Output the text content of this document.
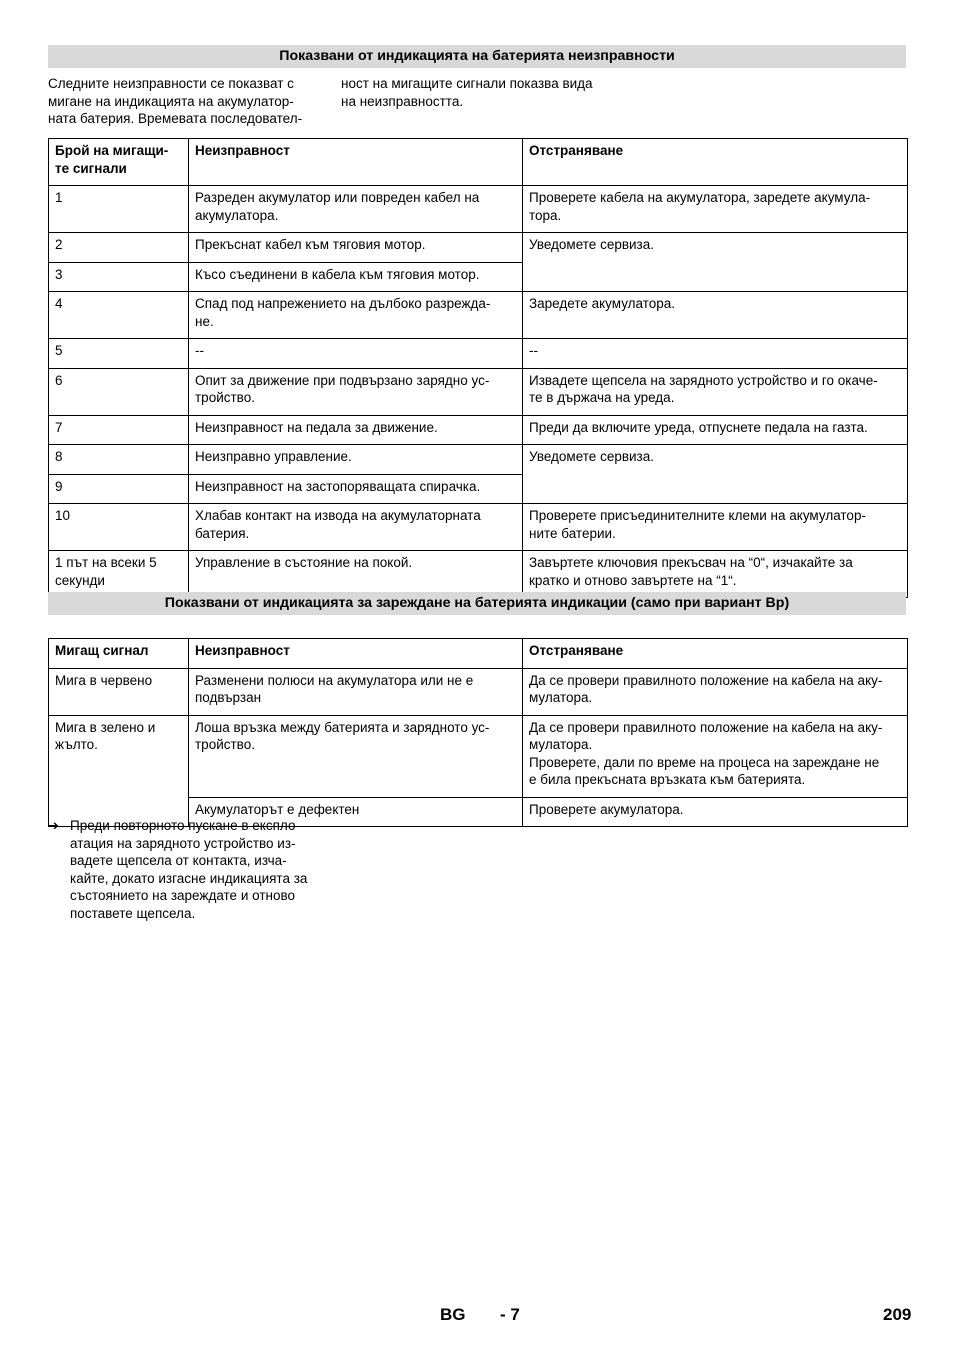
Показвани от индикацията на батерията неизправности
Следните неизправности се показват с
мигане на индикацията на акумулатор-
ната батерия. Времевата последовател-
ност на мигащите сигнали показва вида
на неизправността.
Брой на мигащи-
те сигнали	Неизправност	Отстраняване

1	Разреден акумулатор или повреден кабел на
акумулатора.	Проверете кабела на акумулатора, заредете акумула-
тора.

2	Прекъснат кабел към тяговия мотор.	Уведомете сервиза.

3	Късо съединени в кабела към тяговия мотор.	

4	Спад под напрежението на дълбоко разрежда-
не.	Заредете акумулатора.

5	--	--

6	Опит за движение при подвързано зарядно ус-
тройство.	Извадете щепсела на зарядното устройство и го окаче-
те в държача на уреда.

7	Неизправност на педала за движение.	Преди да включите уреда, отпуснете педала на газта.

8	Неизправно управление.	Уведомете сервиза.

9	Неизправност на застопоряващата спирачка.	

10	Хлабав контакт на извода на акумулаторната
батерия.	Проверете присъединителните клеми на акумулатор-
ните батерии.

1 път на всеки 5
секунди	Управление в състояние на покой.	Завъртете ключовия прекъсвач на “0“, изчакайте за
кратко и отново завъртете на “1“.
Показвани от индикацията за зареждане на батерията индикации (само при вариант Bp)
Мигащ сигнал	Неизправност	Отстраняване

Мига в червено	Разменени полюси на акумулатора или не е
подвързан	Да се провери правилното положение на кабела на аку-
мулатора.

Мига в зелено и
жълто.	Лоша връзка между батерията и зарядното ус-
тройство.	Да се провери правилното положение на кабела на аку-
мулатора.
Проверете, дали по време на процеса на зареждане не
е била прекъсната връзката към батерията.

	Акумулаторът е дефектен	Проверете акумулатора.
➔ Преди повторното пускане в експло
атация на зарядното устройство из-
вадете щепсела от контакта, изча-
кайте, докато изгасне индикацията за
състоянието на зареждате и отново
поставете щепсела.
BG - 7	209
